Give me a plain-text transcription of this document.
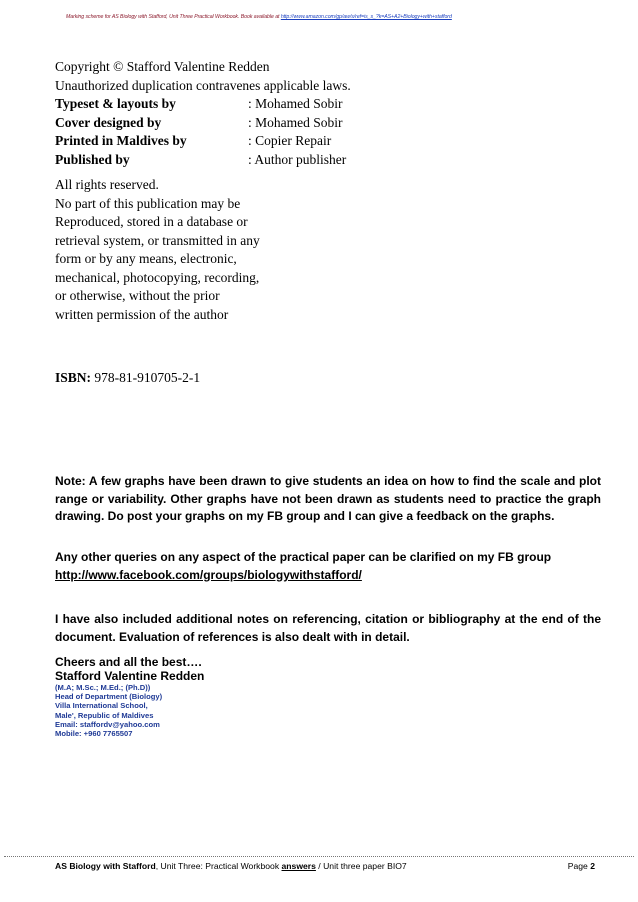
Marking scheme for AS Biology with Stafford, Unit Three Practical Workbook. Book available at http://www.amazon.com/gp/aw/s/ref=is_s_?k=AS+A2+Biology+with+stafford
Copyright © Stafford Valentine Redden
Unauthorized duplication contravenes applicable laws.
Typeset & layouts by	: Mohamed Sobir
Cover designed by	: Mohamed Sobir
Printed in Maldives by	: Copier Repair
Published by	: Author publisher
All rights reserved.
No part of this publication may be
Reproduced, stored in a database or
retrieval system, or transmitted in any
form or by any means, electronic,
mechanical, photocopying, recording,
or otherwise, without the prior
written permission of the author
ISBN: 978-81-910705-2-1
Note: A few graphs have been drawn to give students an idea on how to find the scale and plot range or variability. Other graphs have not been drawn as students need to practice the graph drawing. Do post your graphs on my FB group and I can give a feedback on the graphs.
Any other queries on any aspect of the practical paper can be clarified on my FB group
http://www.facebook.com/groups/biologywithstafford/
I have also included additional notes on referencing, citation or bibliography at the end of the document. Evaluation of references is also dealt with in detail.
Cheers and all the best….
Stafford Valentine Redden
(M.A; M.Sc.; M.Ed.; (Ph.D))
Head of Department (Biology)
Villa International School,
Male', Republic of Maldives
Email: staffordv@yahoo.com
Mobile: +960 7765507
AS Biology with Stafford, Unit Three: Practical Workbook answers / Unit three paper BIO7	Page 2
